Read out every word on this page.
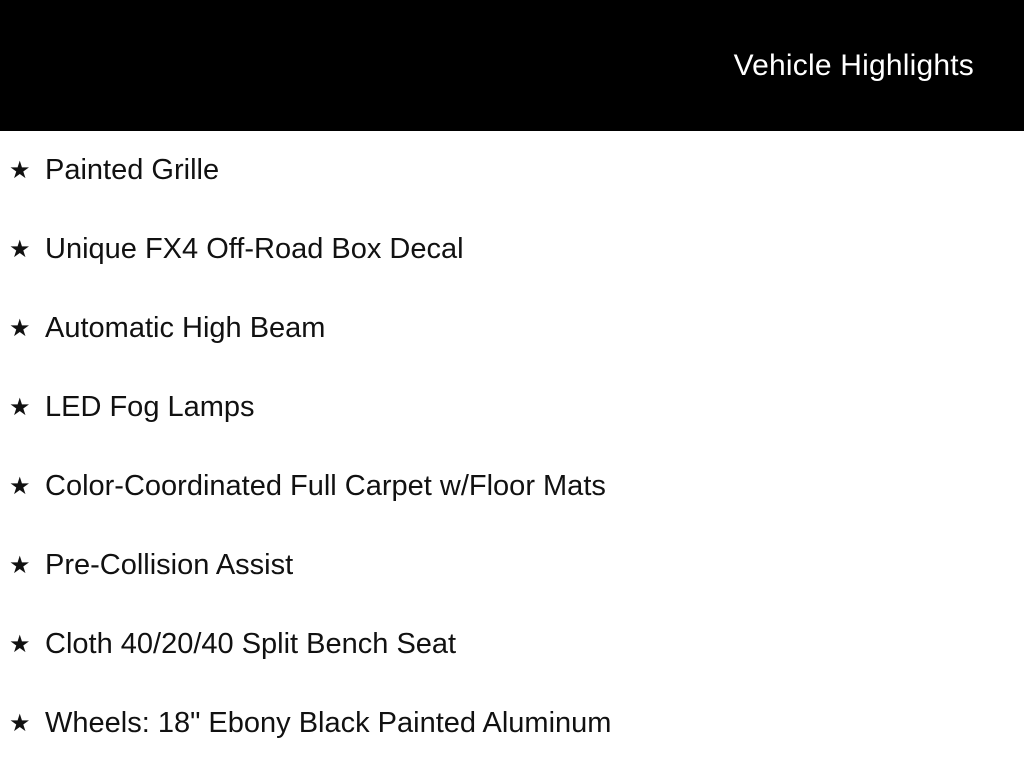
Vehicle Highlights
★ Painted Grille
★ Unique FX4 Off-Road Box Decal
★ Automatic High Beam
★ LED Fog Lamps
★ Color-Coordinated Full Carpet w/Floor Mats
★ Pre-Collision Assist
★ Cloth 40/20/40 Split Bench Seat
★ Wheels: 18" Ebony Black Painted Aluminum
